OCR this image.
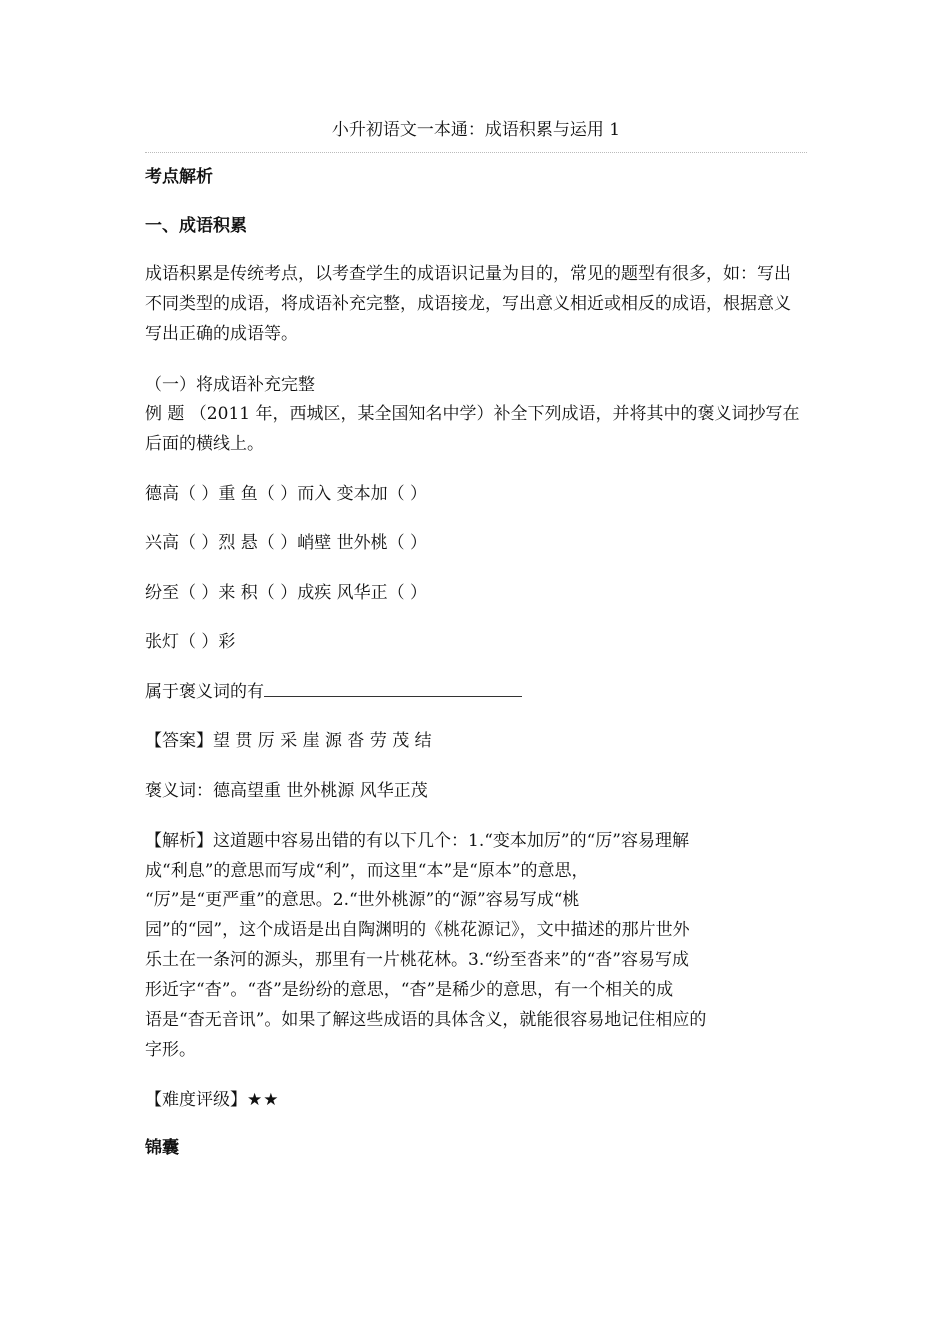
小升初语文一本通：成语积累与运用 1
考点解析
一、成语积累
成语积累是传统考点，以考查学生的成语识记量为目的，常见的题型有很多，如：写出不同类型的成语，将成语补充完整，成语接龙，写出意义相近或相反的成语，根据意义写出正确的成语等。
（一）将成语补充完整
例 题 （2011 年，西城区，某全国知名中学）补全下列成语，并将其中的褒义词抄写在后面的横线上。
德高（ ）重 鱼（ ）而入 变本加（ ）
兴高（ ）烈 悬（ ）峭壁 世外桃（ ）
纷至（ ）来 积（ ）成疾 风华正（ ）
张灯（ ）彩
属于褒义词的有
【答案】望 贯 厉 采 崖 源 沓 劳 茂 结
褒义词：德高望重 世外桃源 风华正茂
【解析】这道题中容易出错的有以下几个：1.“变本加厉”的“厉”容易理解
成“利息”的意思而写成“利”，而这里“本”是“原本”的意思，
“厉”是“更严重”的意思。2.“世外桃源”的“源”容易写成“桃
园”的“园”，这个成语是出自陶渊明的《桃花源记》，文中描述的那片世外
乐土在一条河的源头，那里有一片桃花林。3.“纷至沓来”的“沓”容易写成
形近字“杳”。“沓”是纷纷的意思，“杳”是稀少的意思，有一个相关的成
语是“杳无音讯”。如果了解这些成语的具体含义，就能很容易地记住相应的
字形。
【难度评级】★★
锦囊
